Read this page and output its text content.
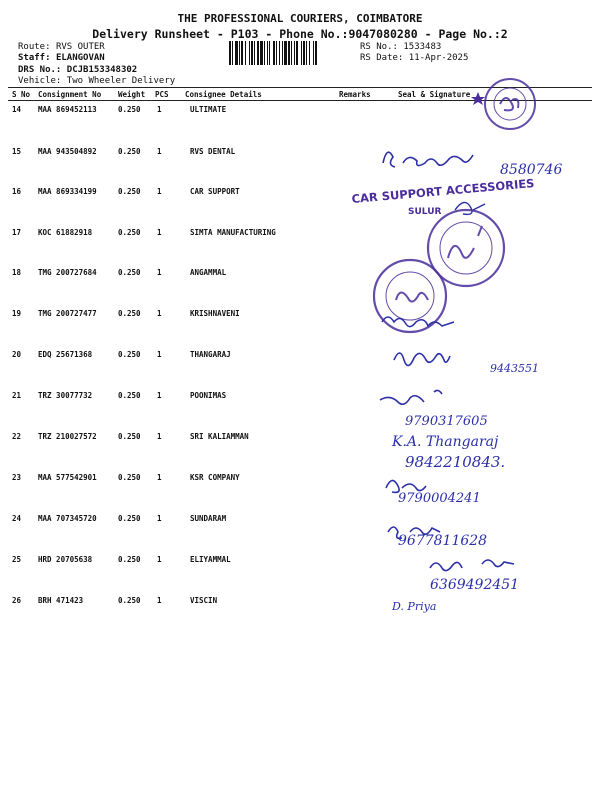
THE PROFESSIONAL COURIERS, COIMBATORE
Delivery Runsheet - P103 - Phone No.:9047080280 - Page No.:2
Route: RVS OUTER
Staff: ELANGOVAN
DRS No.: DCJB153348302
Vehicle: Two Wheeler Delivery
RS No.: 1533483
RS Date: 11-Apr-2025
S No Consignment No Weight PCS Consignee Details	Remarks	Seal & Signature
14 MAA 869452113	0.250 1	ULTIMATE
15 MAA 943504892	0.250 1	RVS DENTAL
16 MAA 869334199	0.250 1	CAR SUPPORT
17 KOC 61882918	0.250 1	SIMTA MANUFACTURING
18 TMG 200727684	0.250 1	ANGAMMAL
19 TMG 200727477	0.250 1	KRISHNAVENI
20 EDQ 25671368	0.250 1	THANGARAJ
21 TRZ 30077732	0.250 1	POONIMAS
22 TRZ 210027572	0.250 1	SRI KALIAMMAN
23 MAA 577542901	0.250 1	KSR COMPANY
24 MAA 707345720	0.250 1	SUNDARAM
25 HRD 20705638	0.250 1	ELIYAMMAL
26 BRH 471423	0.250 1	VISCIN
8580746
CAR SUPPORT ACCESSORIES
SULUR
9443551
9790317605
K.A. Thangaraj
9842210843.
9790004241
9677811628
6369492451
D. Priya
